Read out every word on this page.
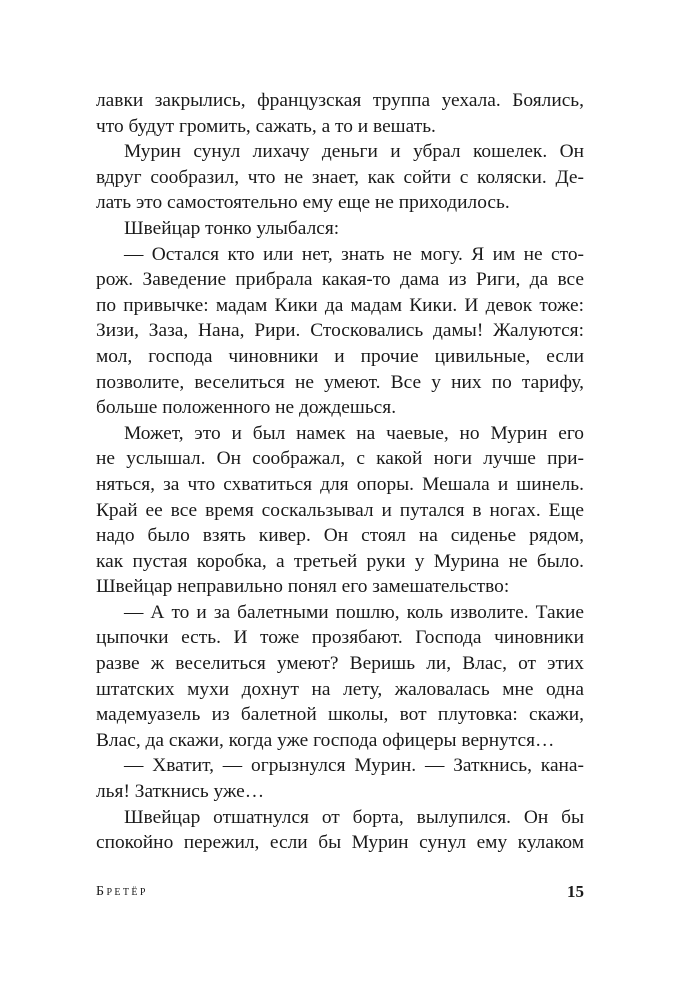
лавки закрылись, французская труппа уехала. Боялись,
что будут громить, сажать, а то и вешать.
Мурин сунул лихачу деньги и убрал кошелек. Он
вдруг сообразил, что не знает, как сойти с коляски. Де-
лать это самостоятельно ему еще не приходилось.
Швейцар тонко улыбался:
— Остался кто или нет, знать не могу. Я им не сто-
рож. Заведение прибрала какая-то дама из Риги, да все
по привычке: мадам Кики да мадам Кики. И девок тоже:
Зизи, Заза, Нана, Рири. Стосковались дамы! Жалуются:
мол, господа чиновники и прочие цивильные, если
позволите, веселиться не умеют. Все у них по тарифу,
больше положенного не дождешься.
Может, это и был намек на чаевые, но Мурин его
не услышал. Он соображал, с какой ноги лучше при-
няться, за что схватиться для опоры. Мешала и шинель.
Край ее все время соскальзывал и путался в ногах. Еще
надо было взять кивер. Он стоял на сиденье рядом,
как пустая коробка, а третьей руки у Мурина не было.
Швейцар неправильно понял его замешательство:
— А то и за балетными пошлю, коль изволите. Такие
цыпочки есть. И тоже прозябают. Господа чиновники
разве ж веселиться умеют? Веришь ли, Влас, от этих
штатских мухи дохнут на лету, жаловалась мне одна
мадемуазель из балетной школы, вот плутовка: скажи,
Влас, да скажи, когда уже господа офицеры вернутся…
— Хватит, — огрызнулся Мурин. — Заткнись, кана-
лья! Заткнись уже…
Швейцар отшатнулся от борта, вылупился. Он бы
спокойно пережил, если бы Мурин сунул ему кулаком
Бретёр	15
